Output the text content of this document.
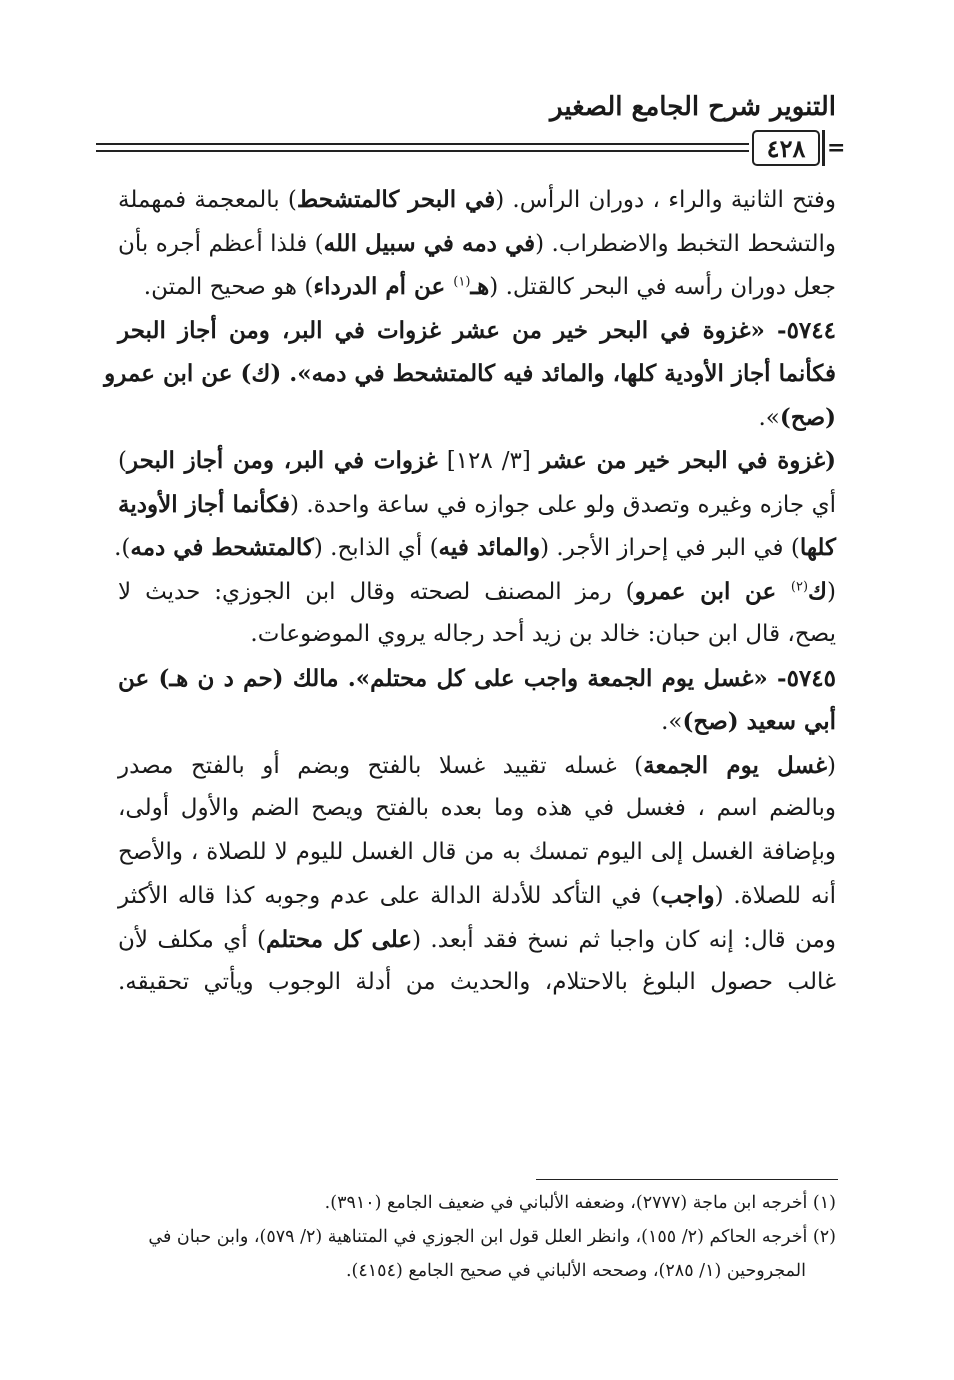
التنوير شرح الجامع الصغير
٤٢٨ =
وفتح الثانية والراء ، دوران الرأس. (في البحر كالمتشحط) بالمعجمة فمهملة
والتشحط التخبط والاضطراب. (في دمه في سبيل الله) فلذا أعظم أجره بأن
جعل دوران رأسه في البحر كالقتل. (هـ$^{(١)}$ عن أم الدرداء) هو صحيح المتن.
٥٧٤٤- «غزوة في البحر خير من عشر غزوات في البر، ومن أجاز البحر
فكأنما أجاز الأودية كلها، والمائد فيه كالمتشحط في دمه». (ك) عن ابن عمرو
(صح)».
(غزوة في البحر خير من عشر [٣/ ١٢٨] غزوات في البر، ومن أجاز البحر)
أي جازه وغيره وتصدق ولو على جوازه في ساعة واحدة. (فكأنما أجاز الأودية
كلها) في البر في إحراز الأجر. (والمائد فيه) أي الذابح. (كالمتشحط في دمه).
(ك$^{(٢)}$ عن ابن عمرو) رمز المصنف لصحته وقال ابن الجوزي: حديث لا
يصح، قال ابن حبان: خالد بن زيد أحد رجاله يروي الموضوعات.
٥٧٤٥- «غسل يوم الجمعة واجب على كل محتلم». مالك (حم د ن هـ) عن
أبي سعيد (صح)».
(غسل يوم الجمعة) غسله تقييد غسلا بالفتح وبضم أو بالفتح مصدر
وبالضم اسم ، فغسل في هذه وما بعده بالفتح ويصح الضم والأول أولى،
وبإضافة الغسل إلى اليوم تمسك به من قال الغسل لليوم لا للصلاة ، والأصح
أنه للصلاة. (واجب) في التأكد للأدلة الدالة على عدم وجوبه كذا قاله الأكثر
ومن قال: إنه كان واجبا ثم نسخ فقد أبعد. (على كل محتلم) أي مكلف لأن
غالب حصول البلوغ بالاحتلام، والحديث من أدلة الوجوب ويأتي تحقيقه.
(١) أخرجه ابن ماجة (٢٧٧٧)، وضعفه الألباني في ضعيف الجامع (٣٩١٠).
(٢) أخرجه الحاكم (٢/ ١٥٥)، وانظر العلل قول ابن الجوزي في المتناهية (٢/ ٥٧٩)، وابن حبان في
المجروحين (١/ ٢٨٥)، وصححه الألباني في صحيح الجامع (٤١٥٤).
